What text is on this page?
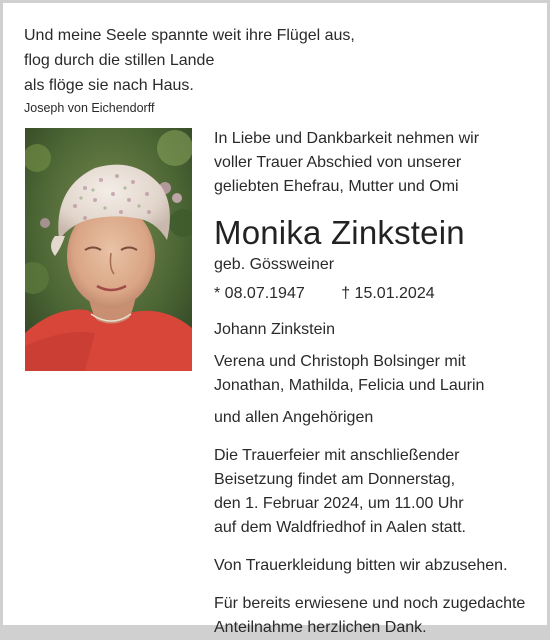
Und meine Seele spannte weit ihre Flügel aus,
flog durch die stillen Lande
als flöge sie nach Haus.
Joseph von Eichendorff
In Liebe und Dankbarkeit nehmen wir
voller Trauer Abschied von unserer
geliebten Ehefrau, Mutter und Omi
Monika Zinkstein
geb. Gössweiner
* 08.07.1947 † 15.01.2024
Johann Zinkstein
Verena und Christoph Bolsinger mit
Jonathan, Mathilda, Felicia und Laurin
und allen Angehörigen
Die Trauerfeier mit anschließender
Beisetzung findet am Donnerstag,
den 1. Februar 2024, um 11.00 Uhr
auf dem Waldfriedhof in Aalen statt.
Von Trauerkleidung bitten wir abzusehen.
Für bereits erwiesene und noch zugedachte
Anteilnahme herzlichen Dank.
